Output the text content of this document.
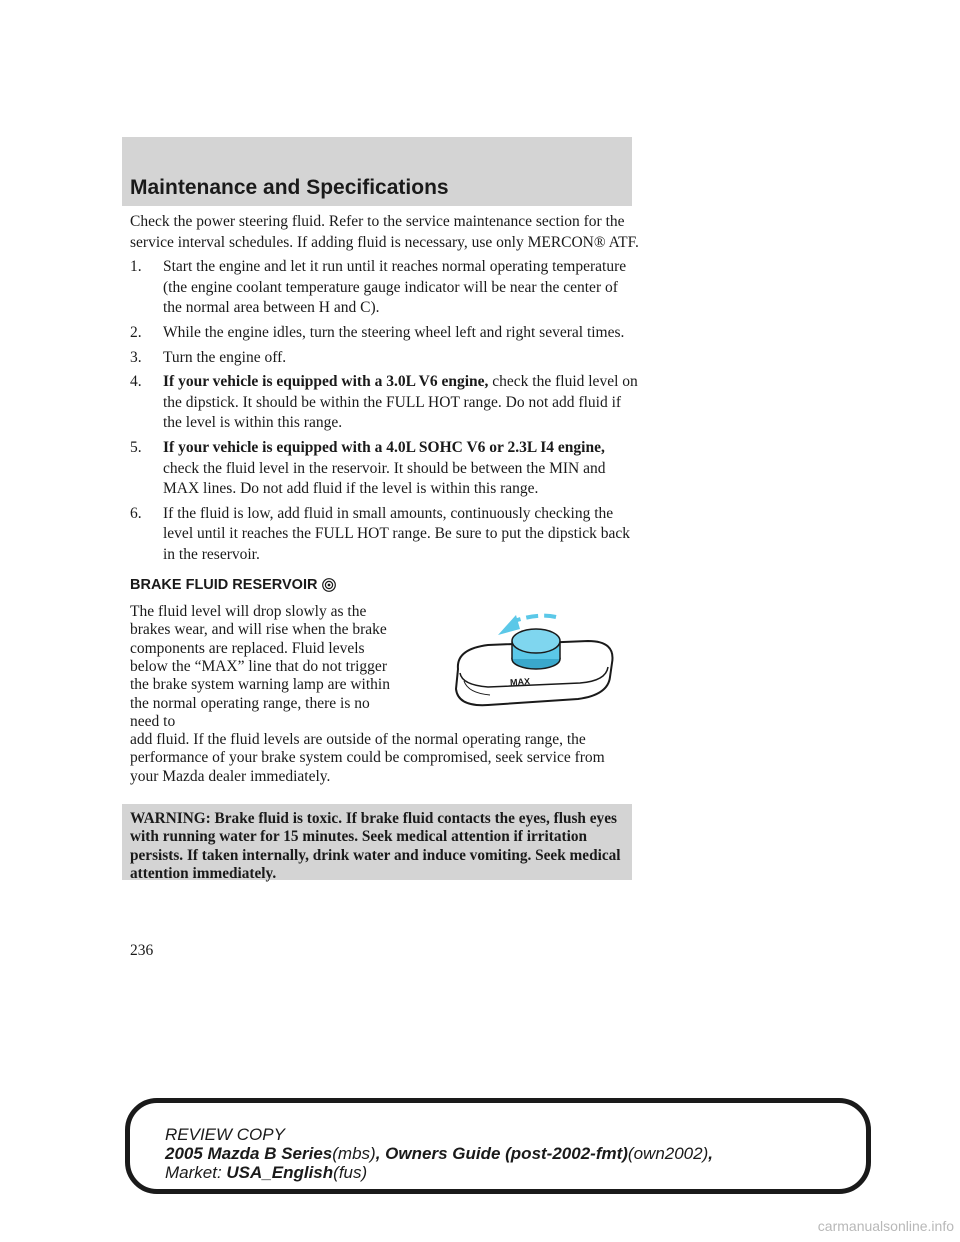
Maintenance and Specifications

Check the power steering fluid. Refer to the service maintenance section for the service interval schedules. If adding fluid is necessary, use only MERCON® ATF.

1.	Start the engine and let it run until it reaches normal operating temperature (the engine coolant temperature gauge indicator will be near the center of the normal area between H and C).
2.	While the engine idles, turn the steering wheel left and right several times.
3.	Turn the engine off.
4.	If your vehicle is equipped with a 3.0L V6 engine, check the fluid level on the dipstick. It should be within the FULL HOT range. Do not add fluid if the level is within this range.
5.	If your vehicle is equipped with a 4.0L SOHC V6 or 2.3L I4 engine, check the fluid level in the reservoir. It should be between the MIN and MAX lines. Do not add fluid if the level is within this range.
6.	If the fluid is low, add fluid in small amounts, continuously checking the level until it reaches the FULL HOT range. Be sure to put the dipstick back in the reservoir.
BRAKE FLUID RESERVOIR

The fluid level will drop slowly as the brakes wear, and will rise when the brake components are replaced. Fluid levels below the “MAX” line that do not trigger the brake system warning lamp are within the normal operating range, there is no need to

add fluid. If the fluid levels are outside of the normal operating range, the performance of your brake system could be compromised, seek service from your Mazda dealer immediately.

MAX

WARNING: Brake fluid is toxic. If brake fluid contacts the eyes, flush eyes with running water for 15 minutes. Seek medical attention if irritation persists. If taken internally, drink water and induce vomiting. Seek medical attention immediately.

236
REVIEW COPY
2005 Mazda B Series(mbs), Owners Guide (post-2002-fmt)(own2002),
Market: USA_English(fus)
carmanualsonline.info
